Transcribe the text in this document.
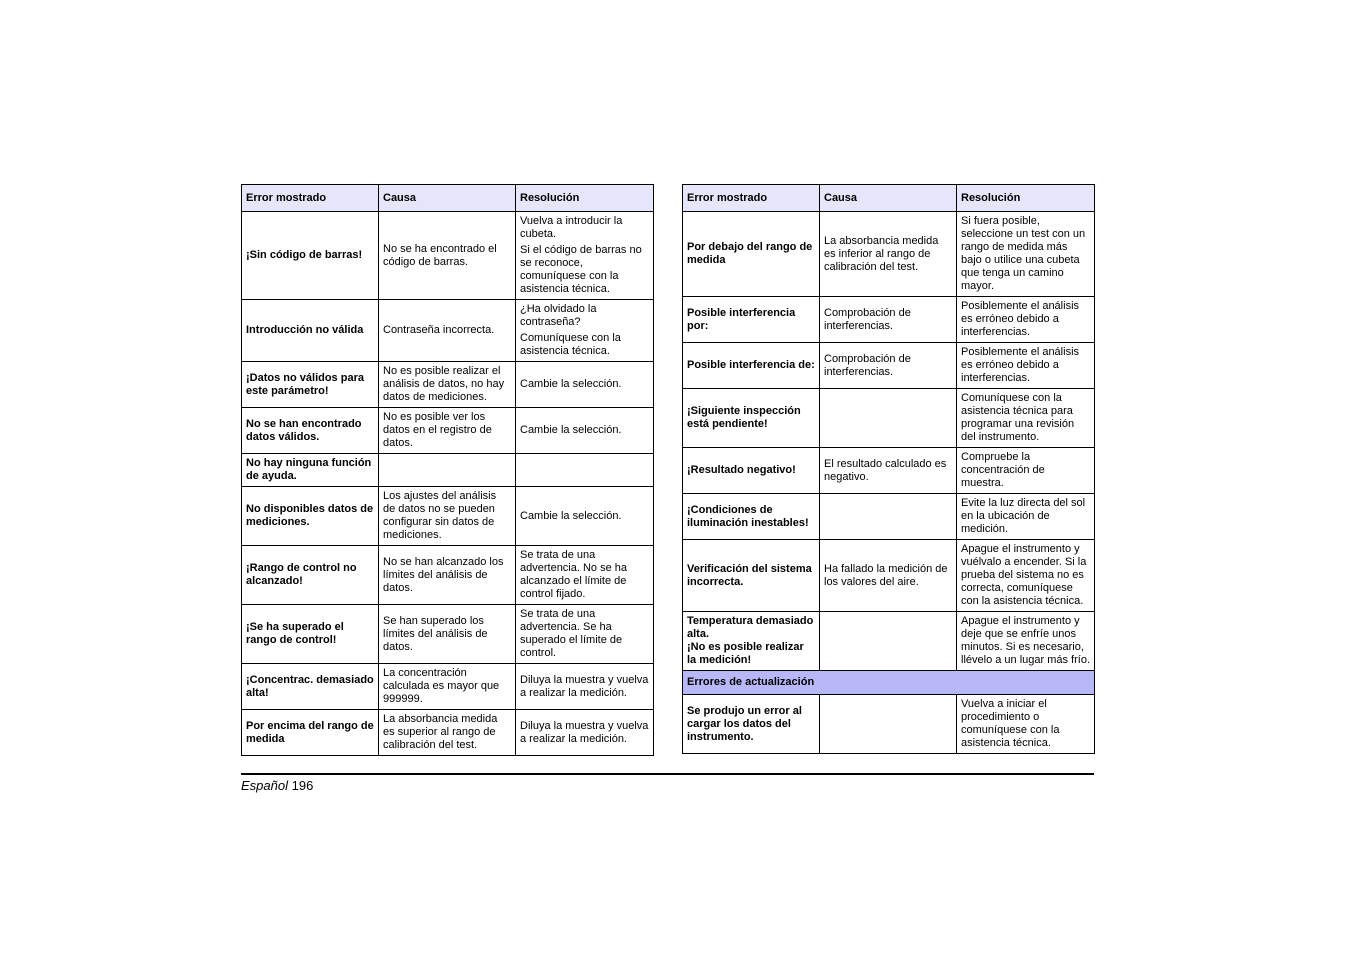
Error mostrado	Causa	Resolución

¡Sin código de barras!	No se ha encontrado el código de barras.	Vuelva a introducir la cubeta.
Si el código de barras no se reconoce, comuníquese con la asistencia técnica.

Introducción no válida	Contraseña incorrecta.	¿Ha olvidado la contraseña?
Comuníquese con la asistencia técnica.

¡Datos no válidos para este parámetro!	No es posible realizar el análisis de datos, no hay datos de mediciones.	Cambie la selección.

No se han encontrado datos válidos.	No es posible ver los datos en el registro de datos.	Cambie la selección.

No hay ninguna función de ayuda.		

No disponibles datos de mediciones.	Los ajustes del análisis de datos no se pueden configurar sin datos de mediciones.	Cambie la selección.

¡Rango de control no alcanzado!	No se han alcanzado los límites del análisis de datos.	Se trata de una advertencia. No se ha alcanzado el límite de control fijado.

¡Se ha superado el rango de control!	Se han superado los límites del análisis de datos.	Se trata de una advertencia. Se ha superado el límite de control.

¡Concentrac. demasiado alta!	La concentración calculada es mayor que 999999.	Diluya la muestra y vuelva a realizar la medición.

Por encima del rango de medida	La absorbancia medida es superior al rango de calibración del test.	Diluya la muestra y vuelva a realizar la medición.
Error mostrado	Causa	Resolución

Por debajo del rango de medida	La absorbancia medida es inferior al rango de calibración del test.	Si fuera posible, seleccione un test con un rango de medida más bajo o utilice una cubeta que tenga un camino mayor.

Posible interferencia por:	Comprobación de interferencias.	Posiblemente el análisis es erróneo debido a interferencias.

Posible interferencia de:	Comprobación de interferencias.	Posiblemente el análisis es erróneo debido a interferencias.

¡Siguiente inspección está pendiente!		Comuníquese con la asistencia técnica para programar una revisión del instrumento.

¡Resultado negativo!	El resultado calculado es negativo.	Compruebe la concentración de muestra.

¡Condiciones de iluminación inestables!		Evite la luz directa del sol en la ubicación de medición.

Verificación del sistema incorrecta.	Ha fallado la medición de los valores del aire.	Apague el instrumento y vuélvalo a encender. Si la prueba del sistema no es correcta, comuníquese con la asistencia técnica.

Temperatura demasiado alta.
¡No es posible realizar la medición!		Apague el instrumento y deje que se enfríe unos minutos. Si es necesario, llévelo a un lugar más frío.

Errores de actualización		

Se produjo un error al cargar los datos del instrumento.		Vuelva a iniciar el procedimiento o comuníquese con la asistencia técnica.
Español 196
